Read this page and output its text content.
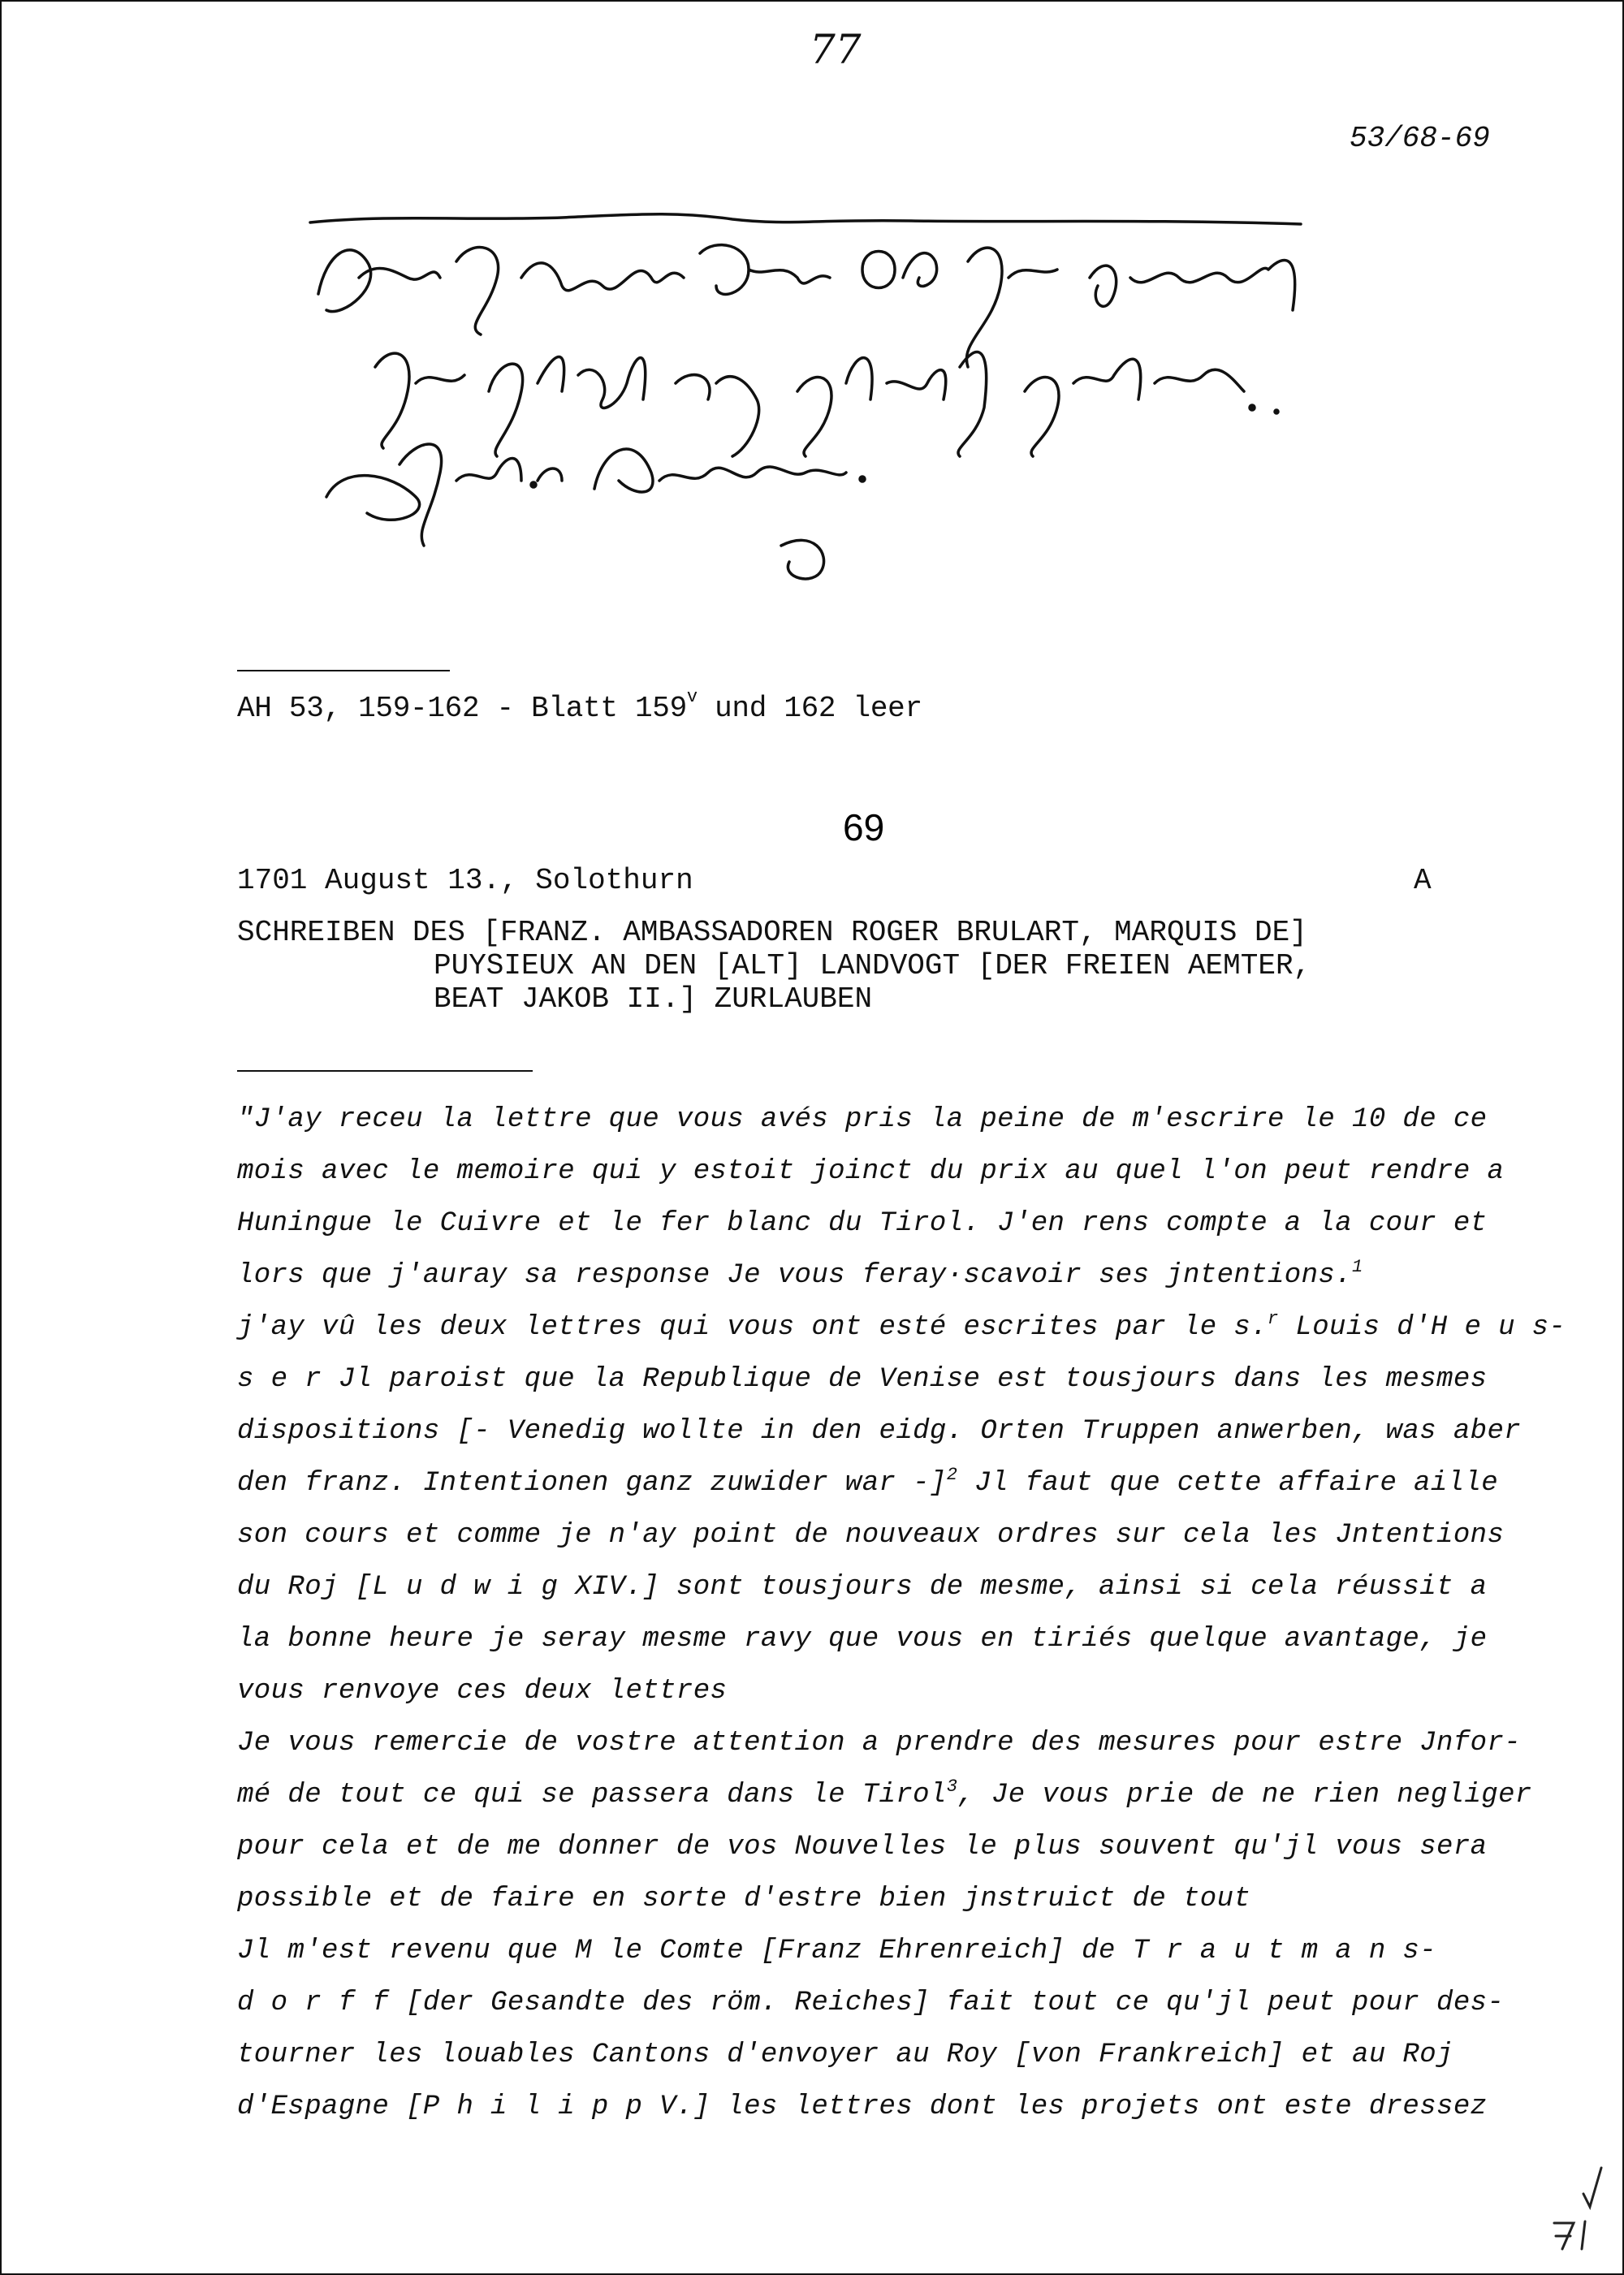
77
53/68-69
AH 53, 159-162 - Blatt 159$^v$ und 162 leer
69
1701 August 13., Solothurn	A
SCHREIBEN DES [FRANZ. AMBASSADOREN ROGER BRULART, MARQUIS DE]
PUYSIEUX AN DEN [ALT] LANDVOGT [DER FREIEN AEMTER,
BEAT JAKOB II.] ZURLAUBEN
"J'ay receu la lettre que vous avés pris la peine de m'escrire le 10 de ce
mois avec le memoire qui y estoit joinct du prix au quel l'on peut rendre a
Huningue le Cuivre et le fer blanc du Tirol. J'en rens compte a la cour et
lors que j'auray sa response Je vous feray·scavoir ses jntentions.$^1$
j'ay vû les deux lettres qui vous ont esté escrites par le s.$^r$ Louis d'H e u s-
s e r Jl paroist que la Republique de Venise est tousjours dans les mesmes
dispositions [- Venedig wollte in den eidg. Orten Truppen anwerben, was aber
den franz. Intentionen ganz zuwider war -]$^2$ Jl faut que cette affaire aille
son cours et comme je n'ay point de nouveaux ordres sur cela les Jntentions
du Roj [L u d w i g XIV.] sont tousjours de mesme, ainsi si cela réussit a
la bonne heure je seray mesme ravy que vous en tiriés quelque avantage, je
vous renvoye ces deux lettres
Je vous remercie de vostre attention a prendre des mesures pour estre Jnfor-
mé de tout ce qui se passera dans le Tirol$^3$, Je vous prie de ne rien negliger
pour cela et de me donner de vos Nouvelles le plus souvent qu'jl vous sera
possible et de faire en sorte d'estre bien jnstruict de tout
Jl m'est revenu que M le Comte [Franz Ehrenreich] de T r a u t m a n s-
d o r f f [der Gesandte des röm. Reiches] fait tout ce qu'jl peut pour des-
tourner les louables Cantons d'envoyer au Roy [von Frankreich] et au Roj
d'Espagne [P h i l i p p V.] les lettres dont les projets ont este dressez
